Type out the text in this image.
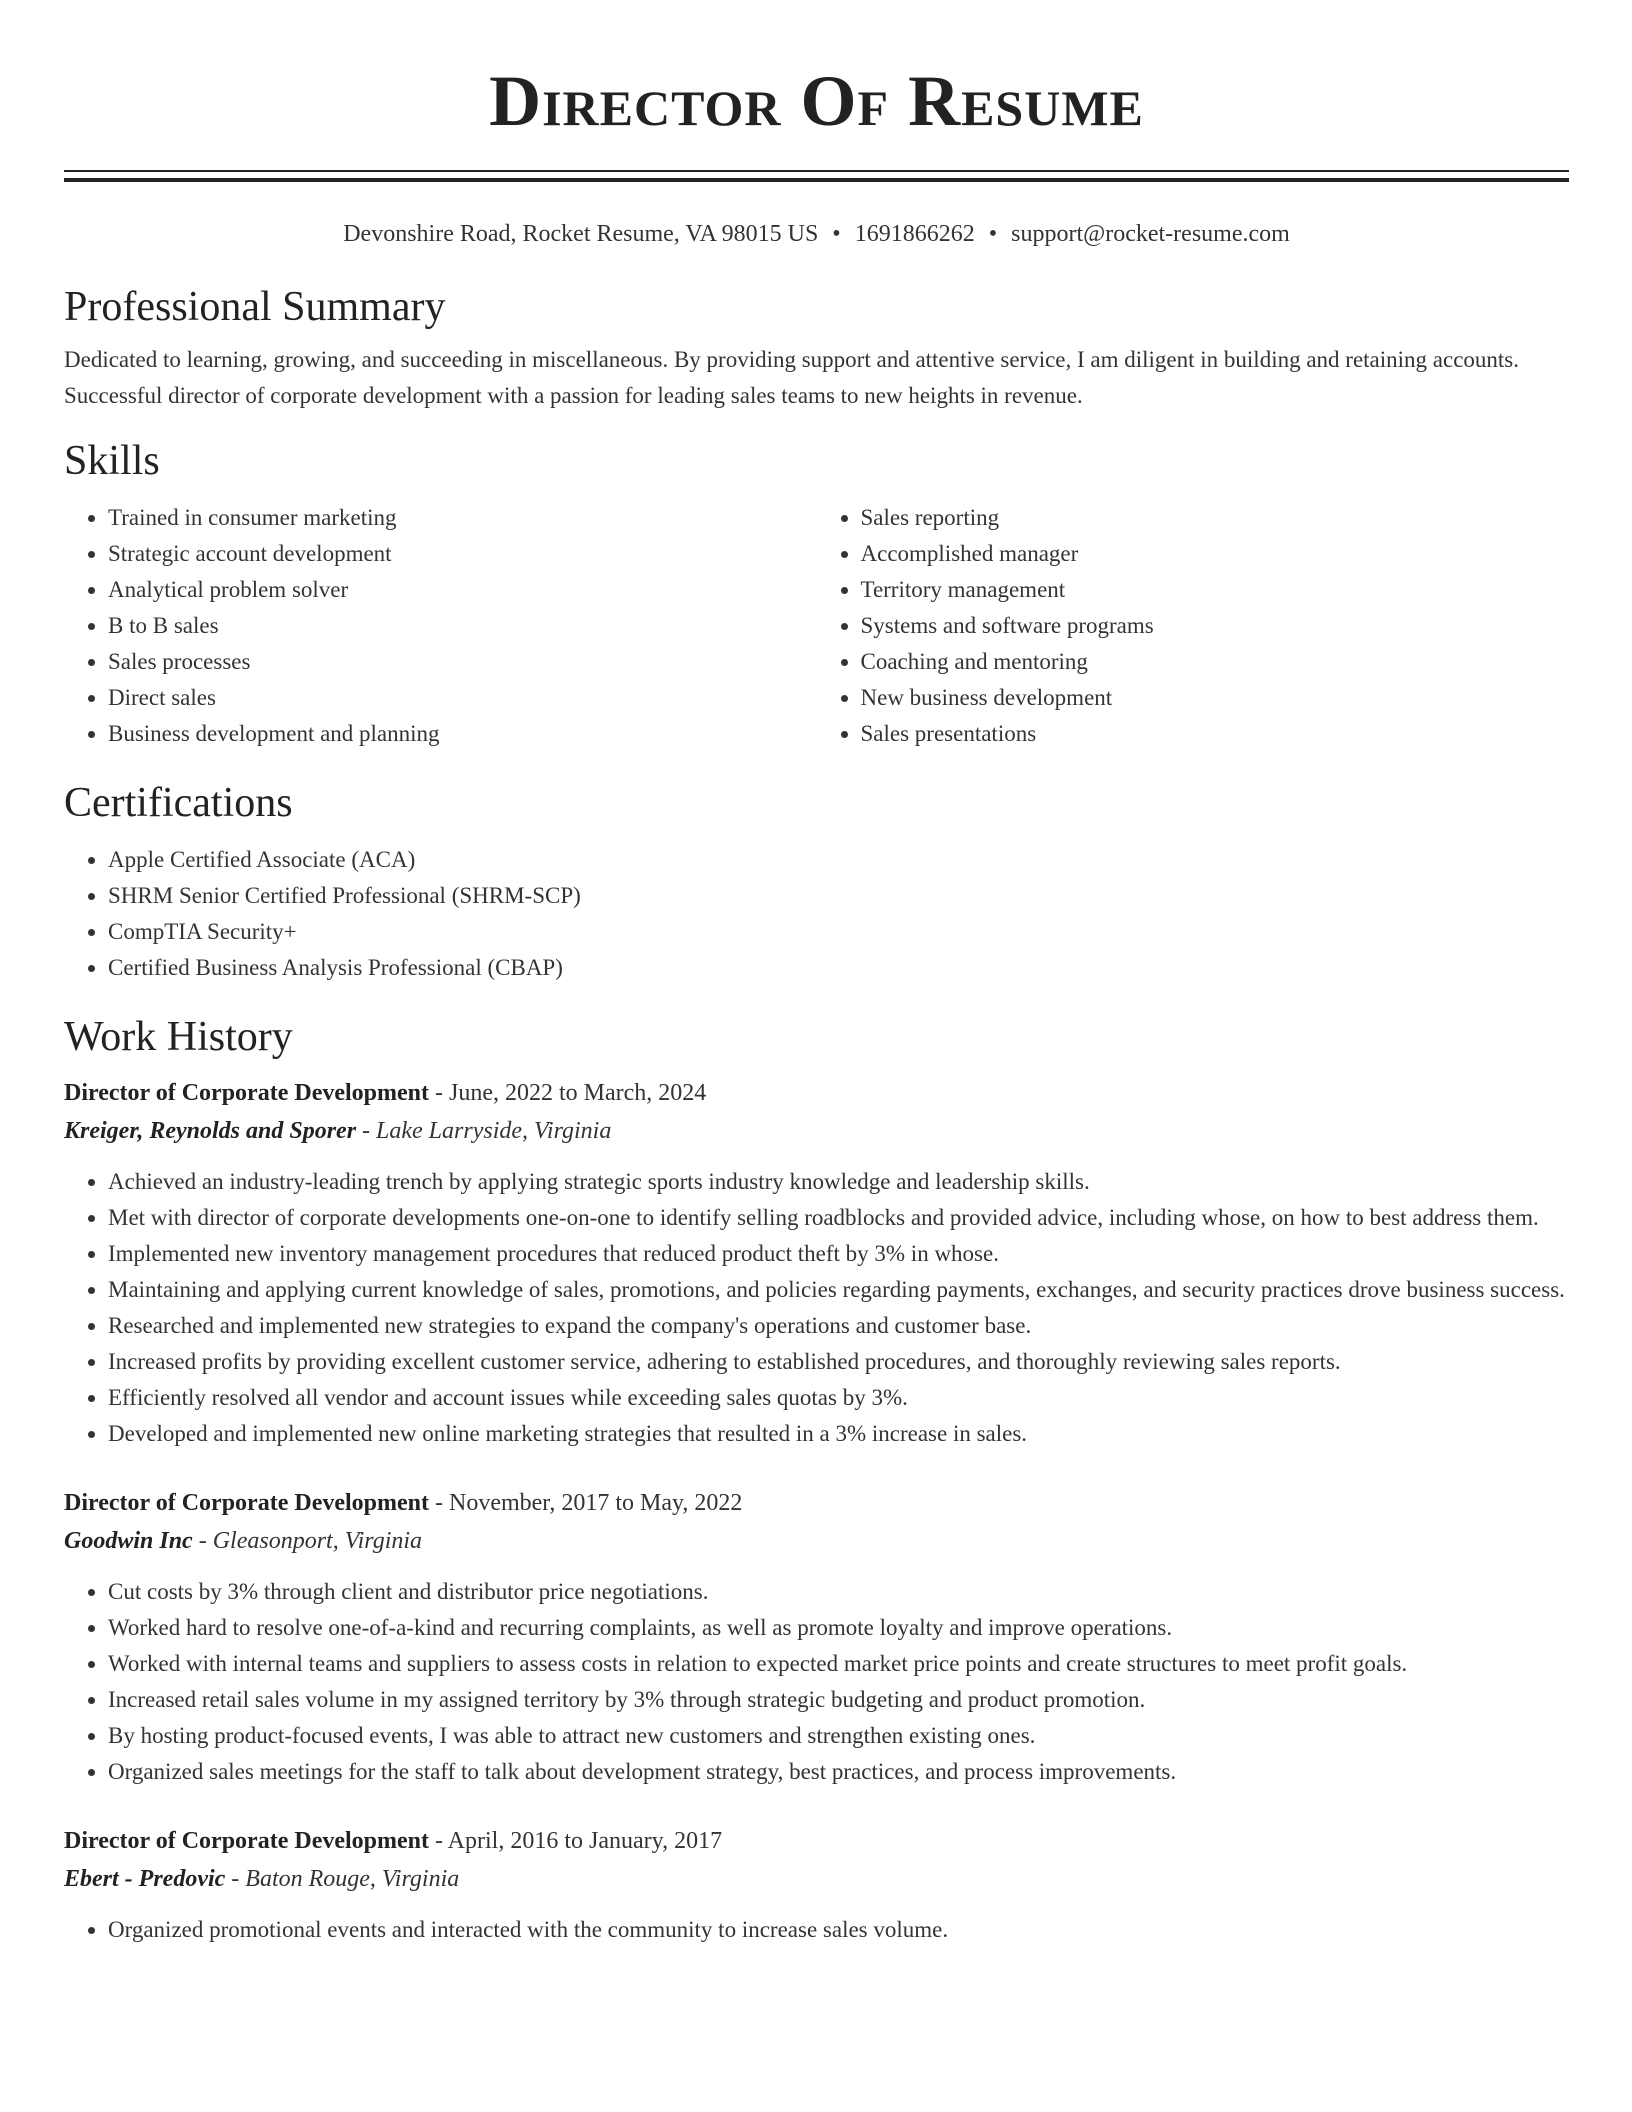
Director Of Resume
Devonshire Road, Rocket Resume, VA 98015 US • 1691866262 • support@rocket-resume.com
Professional Summary

Dedicated to learning, growing, and succeeding in miscellaneous. By providing support and attentive service, I am diligent in building and retaining accounts. Successful director of corporate development with a passion for leading sales teams to new heights in revenue.

Skills
• Trained in consumer marketing
• Strategic account development
• Analytical problem solver
• B to B sales
• Sales processes
• Direct sales
• Business development and planning
• Sales reporting
• Accomplished manager
• Territory management
• Systems and software programs
• Coaching and mentoring
• New business development
• Sales presentations
Certifications
• Apple Certified Associate (ACA)
• SHRM Senior Certified Professional (SHRM-SCP)
• CompTIA Security+
• Certified Business Analysis Professional (CBAP)
Work History
Director of Corporate Development - June, 2022 to March, 2024
Kreiger, Reynolds and Sporer - Lake Larryside, Virginia
• Achieved an industry-leading trench by applying strategic sports industry knowledge and leadership skills.
• Met with director of corporate developments one-on-one to identify selling roadblocks and provided advice, including whose, on how to best address them.
• Implemented new inventory management procedures that reduced product theft by 3% in whose.
• Maintaining and applying current knowledge of sales, promotions, and policies regarding payments, exchanges, and security practices drove business success.
• Researched and implemented new strategies to expand the company's operations and customer base.
• Increased profits by providing excellent customer service, adhering to established procedures, and thoroughly reviewing sales reports.
• Efficiently resolved all vendor and account issues while exceeding sales quotas by 3%.
• Developed and implemented new online marketing strategies that resulted in a 3% increase in sales.
Director of Corporate Development - November, 2017 to May, 2022
Goodwin Inc - Gleasonport, Virginia
• Cut costs by 3% through client and distributor price negotiations.
• Worked hard to resolve one-of-a-kind and recurring complaints, as well as promote loyalty and improve operations.
• Worked with internal teams and suppliers to assess costs in relation to expected market price points and create structures to meet profit goals.
• Increased retail sales volume in my assigned territory by 3% through strategic budgeting and product promotion.
• By hosting product-focused events, I was able to attract new customers and strengthen existing ones.
• Organized sales meetings for the staff to talk about development strategy, best practices, and process improvements.
Director of Corporate Development - April, 2016 to January, 2017
Ebert - Predovic - Baton Rouge, Virginia
• Organized promotional events and interacted with the community to increase sales volume.
